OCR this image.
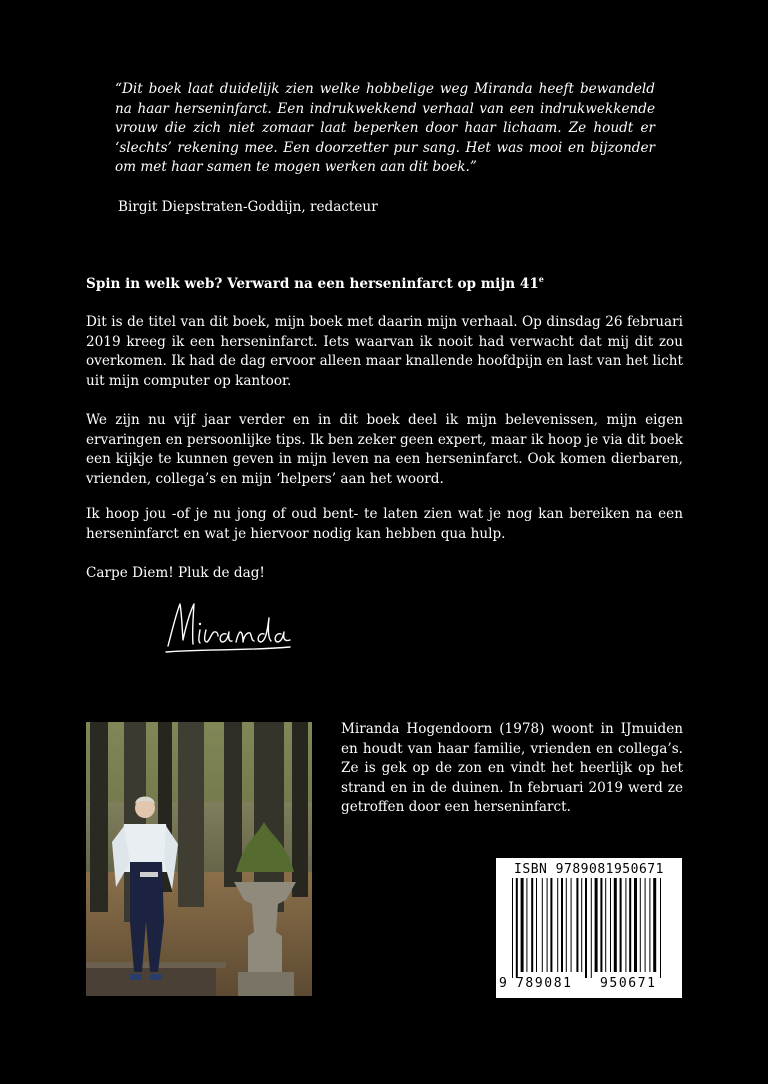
“Dit boek laat duidelijk zien welke hobbelige weg Miranda heeft bewandeld na haar herseninfarct. Een indrukwekkend verhaal van een indrukwekkende vrouw die zich niet zomaar laat beperken door haar lichaam. Ze houdt er ‘slechts’ rekening mee. Een doorzetter pur sang. Het was mooi en bijzonder om met haar samen te mogen werken aan dit boek.”

Birgit Diepstraten-Goddijn, redacteur

Spin in welk web? Verward na een herseninfarct op mijn 41e

Dit is de titel van dit boek, mijn boek met daarin mijn verhaal. Op dinsdag 26 februari 2019 kreeg ik een herseninfarct. Iets waarvan ik nooit had verwacht dat mij dit zou overkomen. Ik had de dag ervoor alleen maar knallende hoofdpijn en last van het licht uit mijn computer op kantoor.

We zijn nu vijf jaar verder en in dit boek deel ik mijn belevenissen, mijn eigen ervaringen en persoonlijke tips. Ik ben zeker geen expert, maar ik hoop je via dit boek een kijkje te kunnen geven in mijn leven na een herseninfarct. Ook komen dierbaren, vrienden, collega’s en mijn ‘helpers’ aan het woord.

Ik hoop jou -of je nu jong of oud bent- te laten zien wat je nog kan bereiken na een herseninfarct en wat je hiervoor nodig kan hebben qua hulp.

Carpe Diem! Pluk de dag!

Miranda Hogendoorn (1978) woont in IJmuiden en houdt van haar familie, vrienden en collega’s. Ze is gek op de zon en vindt het heerlijk op het strand en in de duinen. In februari 2019 werd ze getroffen door een herseninfarct.

ISBN 9789081950671
9 789081 950671
